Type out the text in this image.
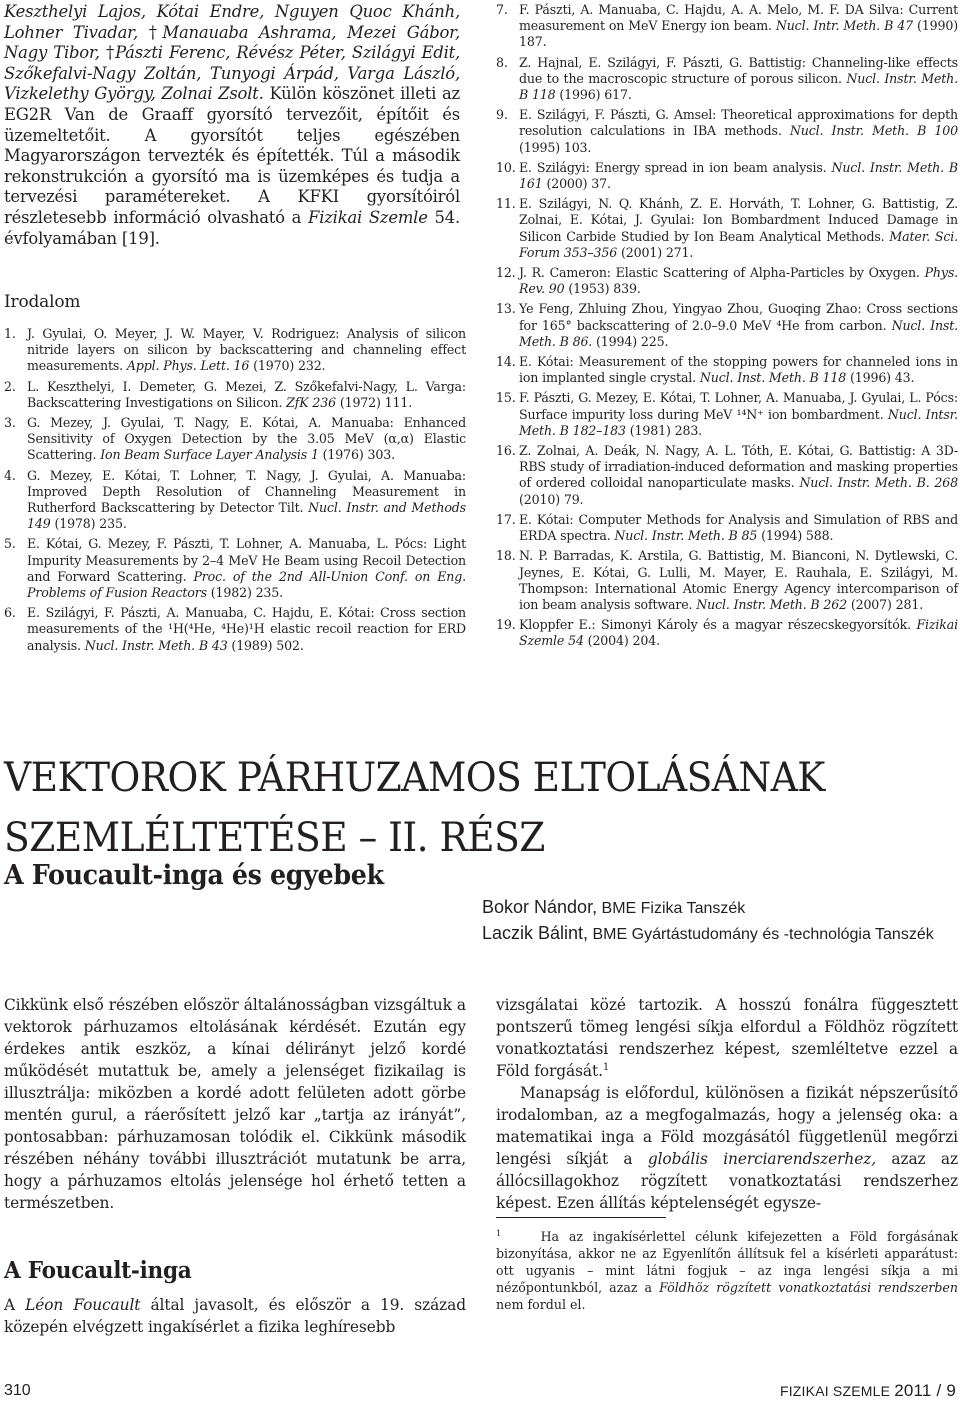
Keszthelyi Lajos, Kótai Endre, Nguyen Quoc Khánh, Lohner Tivadar, †Manauaba Ashrama, Mezei Gábor, Nagy Tibor, †Pászti Ferenc, Révész Péter, Szilágyi Edit, Szőkefalvi-Nagy Zoltán, Tunyogi Árpád, Varga László, Vizkelethy György, Zolnai Zsolt. Külön köszönet illeti az EG2R Van de Graaff gyorsító tervezőit, építőit és üzemeltetőit. A gyorsítót teljes egészében Magyarországon tervezték és építették. Túl a második rekonstrukción a gyorsító ma is üzemképes és tudja a tervezési paramétereket. A KFKI gyorsítóiról részletesebb információ olvasható a Fizikai Szemle 54. évfolyamában [19].

Irodalom
1. J. Gyulai, O. Meyer, J. W. Mayer, V. Rodriguez: Analysis of silicon nitride layers on silicon by backscattering and channeling effect measurements. Appl. Phys. Lett. 16 (1970) 232.
2. L. Keszthelyi, I. Demeter, G. Mezei, Z. Szőkefalvi-Nagy, L. Varga: Backscattering Investigations on Silicon. ZfK 236 (1972) 111.
3. G. Mezey, J. Gyulai, T. Nagy, E. Kótai, A. Manuaba: Enhanced Sensitivity of Oxygen Detection by the 3.05 MeV (α,α) Elastic Scattering. Ion Beam Surface Layer Analysis 1 (1976) 303.
4. G. Mezey, E. Kótai, T. Lohner, T. Nagy, J. Gyulai, A. Manuaba: Improved Depth Resolution of Channeling Measurement in Rutherford Backscattering by Detector Tilt. Nucl. Instr. and Methods 149 (1978) 235.
5. E. Kótai, G. Mezey, F. Pászti, T. Lohner, A. Manuaba, L. Pócs: Light Impurity Measurements by 2–4 MeV He Beam using Recoil Detection and Forward Scattering. Proc. of the 2nd All-Union Conf. on Eng. Problems of Fusion Reactors (1982) 235.
6. E. Szilágyi, F. Pászti, A. Manuaba, C. Hajdu, E. Kótai: Cross section measurements of the ¹H(⁴He, ⁴He)¹H elastic recoil reaction for ERD analysis. Nucl. Instr. Meth. B 43 (1989) 502.
7. F. Pászti, A. Manuaba, C. Hajdu, A. A. Melo, M. F. DA Silva: Current measurement on MeV Energy ion beam. Nucl. Intr. Meth. B 47 (1990) 187.
8. Z. Hajnal, E. Szilágyi, F. Pászti, G. Battistig: Channeling-like effects due to the macroscopic structure of porous silicon. Nucl. Instr. Meth. B 118 (1996) 617.
9. E. Szilágyi, F. Pászti, G. Amsel: Theoretical approximations for depth resolution calculations in IBA methods. Nucl. Instr. Meth. B 100 (1995) 103.
10. E. Szilágyi: Energy spread in ion beam analysis. Nucl. Instr. Meth. B 161 (2000) 37.
11. E. Szilágyi, N. Q. Khánh, Z. E. Horváth, T. Lohner, G. Battistig, Z. Zolnai, E. Kótai, J. Gyulai: Ion Bombardment Induced Damage in Silicon Carbide Studied by Ion Beam Analytical Methods. Mater. Sci. Forum 353–356 (2001) 271.
12. J. R. Cameron: Elastic Scattering of Alpha-Particles by Oxygen. Phys. Rev. 90 (1953) 839.
13. Ye Feng, Zhluing Zhou, Yingyao Zhou, Guoqing Zhao: Cross sections for 165° backscattering of 2.0–9.0 MeV ⁴He from carbon. Nucl. Inst. Meth. B 86. (1994) 225.
14. E. Kótai: Measurement of the stopping powers for channeled ions in ion implanted single crystal. Nucl. Inst. Meth. B 118 (1996) 43.
15. F. Pászti, G. Mezey, E. Kótai, T. Lohner, A. Manuaba, J. Gyulai, L. Pócs: Surface impurity loss during MeV ¹⁴N⁺ ion bombardment. Nucl. Intsr. Meth. B 182–183 (1981) 283.
16. Z. Zolnai, A. Deák, N. Nagy, A. L. Tóth, E. Kótai, G. Battistig: A 3D-RBS study of irradiation-induced deformation and masking properties of ordered colloidal nanoparticulate masks. Nucl. Instr. Meth. B. 268 (2010) 79.
17. E. Kótai: Computer Methods for Analysis and Simulation of RBS and ERDA spectra. Nucl. Instr. Meth. B 85 (1994) 588.
18. N. P. Barradas, K. Arstila, G. Battistig, M. Bianconi, N. Dytlewski, C. Jeynes, E. Kótai, G. Lulli, M. Mayer, E. Rauhala, E. Szilágyi, M. Thompson: International Atomic Energy Agency intercomparison of ion beam analysis software. Nucl. Instr. Meth. B 262 (2007) 281.
19. Kloppfer E.: Simonyi Károly és a magyar részecskegyorsítók. Fizikai Szemle 54 (2004) 204.
VEKTOROK PÁRHUZAMOS ELTOLÁSÁNAK
SZEMLÉLTETÉSE – II. RÉSZ
A Foucault-inga és egyebek
Bokor Nándor, BME Fizika Tanszék
Laczik Bálint, BME Gyártástudomány és -technológia Tanszék

Cikkünk első részében először általánosságban vizsgáltuk a vektorok párhuzamos eltolásának kérdését. Ezután egy érdekes antik eszköz, a kínai délirányt jelző kordé működését mutattuk be, amely a jelenséget fizikailag is illusztrálja: miközben a kordé adott felületen adott görbe mentén gurul, a ráerősített jelző kar „tartja az irányát”, pontosabban: párhuzamosan tolódik el. Cikkünk második részében néhány további illusztrációt mutatunk be arra, hogy a párhuzamos eltolás jelensége hol érhető tetten a természetben.

A Foucault-inga

A Léon Foucault által javasolt, és először a 19. század közepén elvégzett ingakísérlet a fizika leghíresebb

vizsgálatai közé tartozik. A hosszú fonálra függesztett pontszerű tömeg lengési síkja elfordul a Földhöz rögzített vonatkoztatási rendszerhez képest, szemléltetve ezzel a Föld forgását.$^1$

Manapság is előfordul, különösen a fizikát népszerűsítő irodalomban, az a megfogalmazás, hogy a jelenség oka: a matematikai inga a Föld mozgásától függetlenül megőrzi lengési síkját a globális inerciarendszerhez, azaz az állócsillagokhoz rögzített vonatkoztatási rendszerhez képest. Ezen állítás képtelenségét egysze-

$^1$	Ha az ingakísérlettel célunk kifejezetten a Föld forgásának bizonyítása, akkor ne az Egyenlítőn állítsuk fel a kísérleti apparátust: ott ugyanis – mint látni fogjuk – az inga lengési síkja a mi nézőpontunkból, azaz a Földhöz rögzített vonatkoztatási rendszerben nem fordul el.

310	FIZIKAI SZEMLE 2011 / 9
